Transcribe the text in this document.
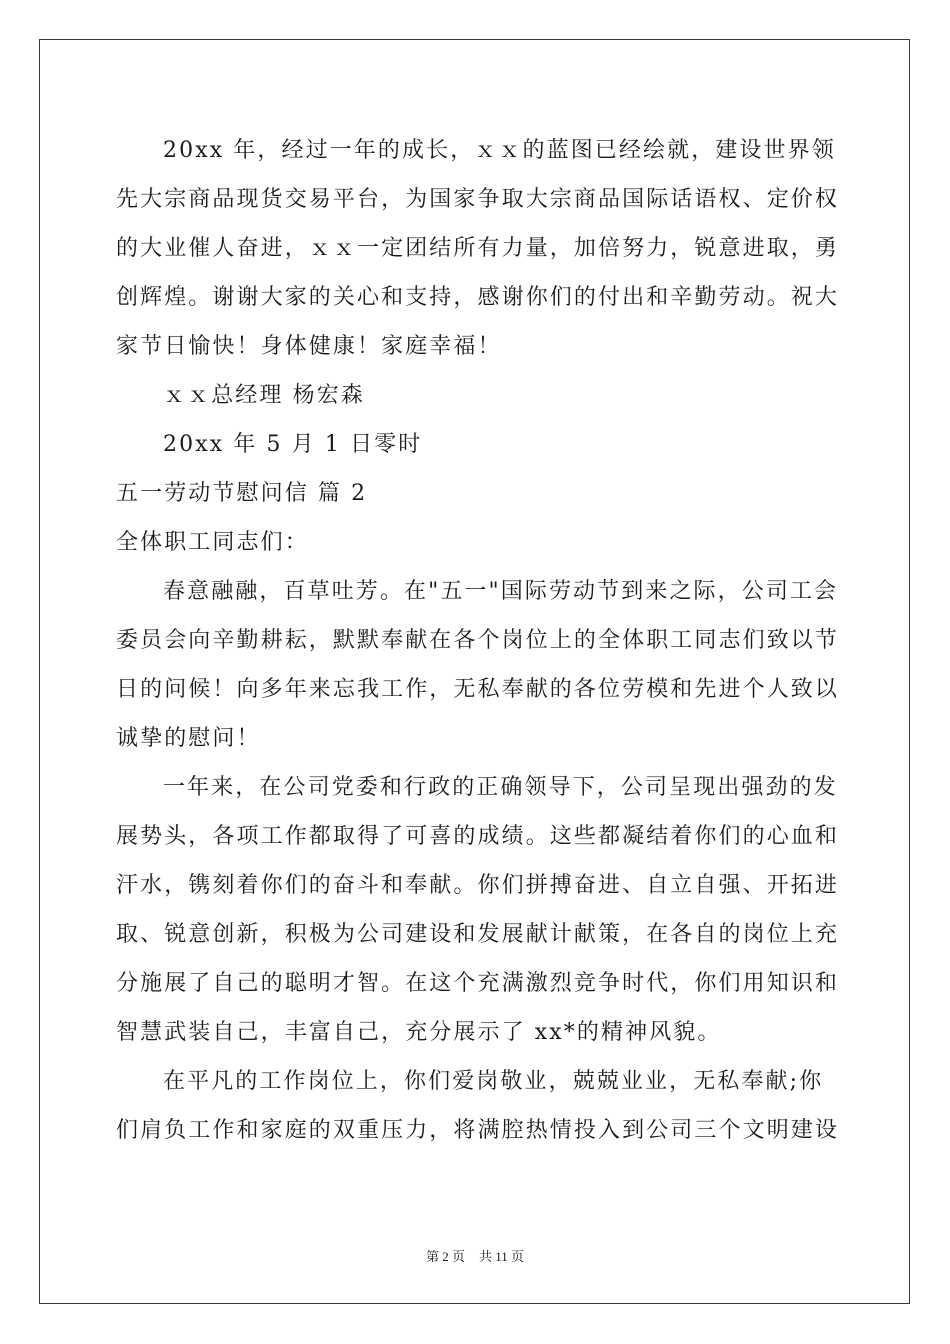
20xx 年，经过一年的成长，ｘｘ的蓝图已经绘就，建设世界领
先大宗商品现货交易平台，为国家争取大宗商品国际话语权、定价权
的大业催人奋进，ｘｘ一定团结所有力量，加倍努力，锐意进取，勇
创辉煌。谢谢大家的关心和支持，感谢你们的付出和辛勤劳动。祝大
家节日愉快！身体健康！家庭幸福！
ｘｘ总经理 杨宏森
20xx 年 5 月 1 日零时
五一劳动节慰问信 篇 2
全体职工同志们：
春意融融，百草吐芳。在"五一"国际劳动节到来之际，公司工会
委员会向辛勤耕耘，默默奉献在各个岗位上的全体职工同志们致以节
日的问候！向多年来忘我工作，无私奉献的各位劳模和先进个人致以
诚挚的慰问！
一年来，在公司党委和行政的正确领导下，公司呈现出强劲的发
展势头，各项工作都取得了可喜的成绩。这些都凝结着你们的心血和
汗水，镌刻着你们的奋斗和奉献。你们拼搏奋进、自立自强、开拓进
取、锐意创新，积极为公司建设和发展献计献策，在各自的岗位上充
分施展了自己的聪明才智。在这个充满激烈竞争时代，你们用知识和
智慧武装自己，丰富自己，充分展示了 xx*的精神风貌。
在平凡的工作岗位上，你们爱岗敬业，兢兢业业，无私奉献;你
们肩负工作和家庭的双重压力，将满腔热情投入到公司三个文明建设
第 2 页 共 11 页
